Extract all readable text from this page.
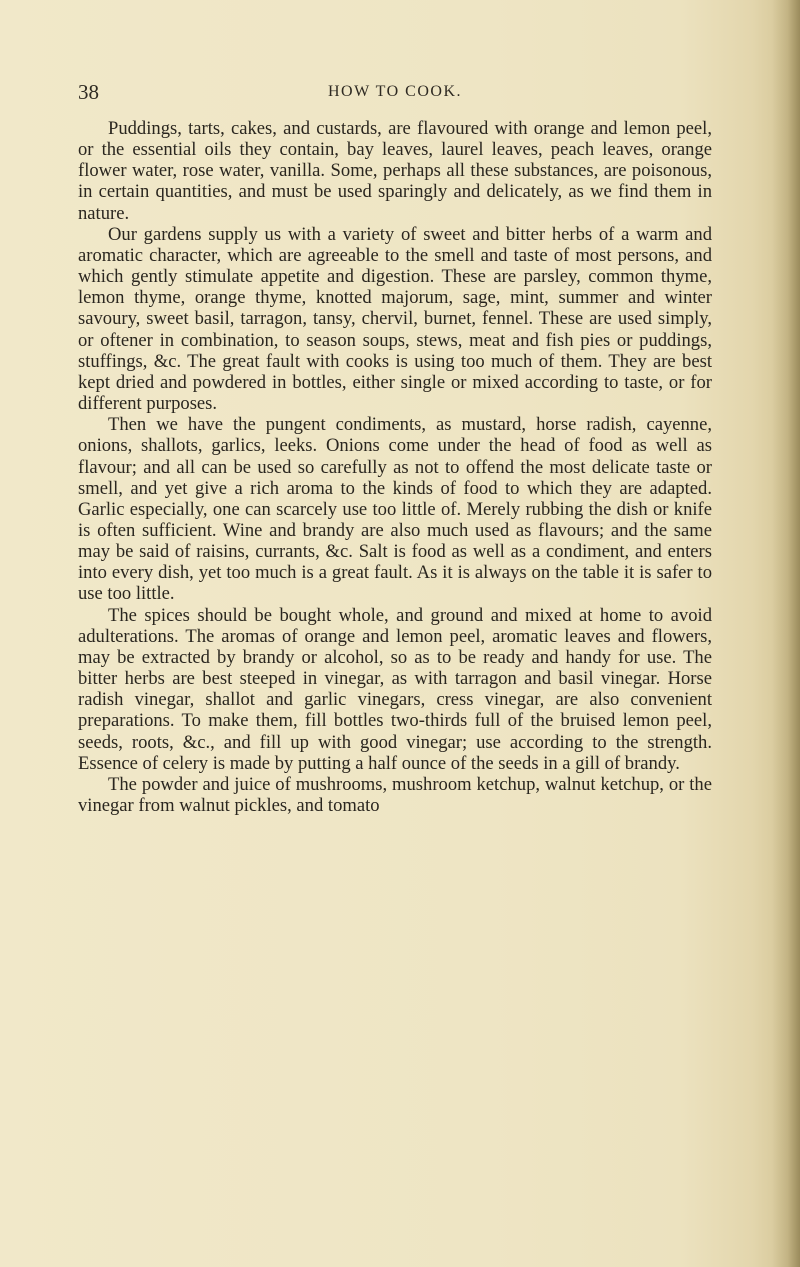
38	HOW TO COOK.

Puddings, tarts, cakes, and custards, are flavoured with orange and lemon peel, or the essential oils they contain, bay leaves, laurel leaves, peach leaves, orange flower water, rose water, vanilla. Some, perhaps all these substances, are poisonous, in certain quantities, and must be used sparingly and delicately, as we find them in nature.

Our gardens supply us with a variety of sweet and bitter herbs of a warm and aromatic character, which are agreeable to the smell and taste of most persons, and which gently stimulate appetite and digestion. These are parsley, common thyme, lemon thyme, orange thyme, knotted majorum, sage, mint, summer and winter savoury, sweet basil, tarragon, tansy, chervil, burnet, fennel. These are used simply, or oftener in combination, to season soups, stews, meat and fish pies or puddings, stuffings, &c. The great fault with cooks is using too much of them. They are best kept dried and powdered in bottles, either single or mixed according to taste, or for different purposes.

Then we have the pungent condiments, as mustard, horse radish, cayenne, onions, shallots, garlics, leeks. Onions come under the head of food as well as flavour; and all can be used so carefully as not to offend the most delicate taste or smell, and yet give a rich aroma to the kinds of food to which they are adapted. Garlic especially, one can scarcely use too little of. Merely rubbing the dish or knife is often sufficient. Wine and brandy are also much used as flavours; and the same may be said of raisins, currants, &c. Salt is food as well as a condiment, and enters into every dish, yet too much is a great fault. As it is always on the table it is safer to use too little.

The spices should be bought whole, and ground and mixed at home to avoid adulterations. The aromas of orange and lemon peel, aromatic leaves and flowers, may be extracted by brandy or alcohol, so as to be ready and handy for use. The bitter herbs are best steeped in vinegar, as with tarragon and basil vinegar. Horse radish vinegar, shallot and garlic vinegars, cress vinegar, are also convenient preparations. To make them, fill bottles two-thirds full of the bruised lemon peel, seeds, roots, &c., and fill up with good vinegar; use according to the strength. Essence of celery is made by putting a half ounce of the seeds in a gill of brandy.

The powder and juice of mushrooms, mushroom ketchup, walnut ketchup, or the vinegar from walnut pickles, and tomato
